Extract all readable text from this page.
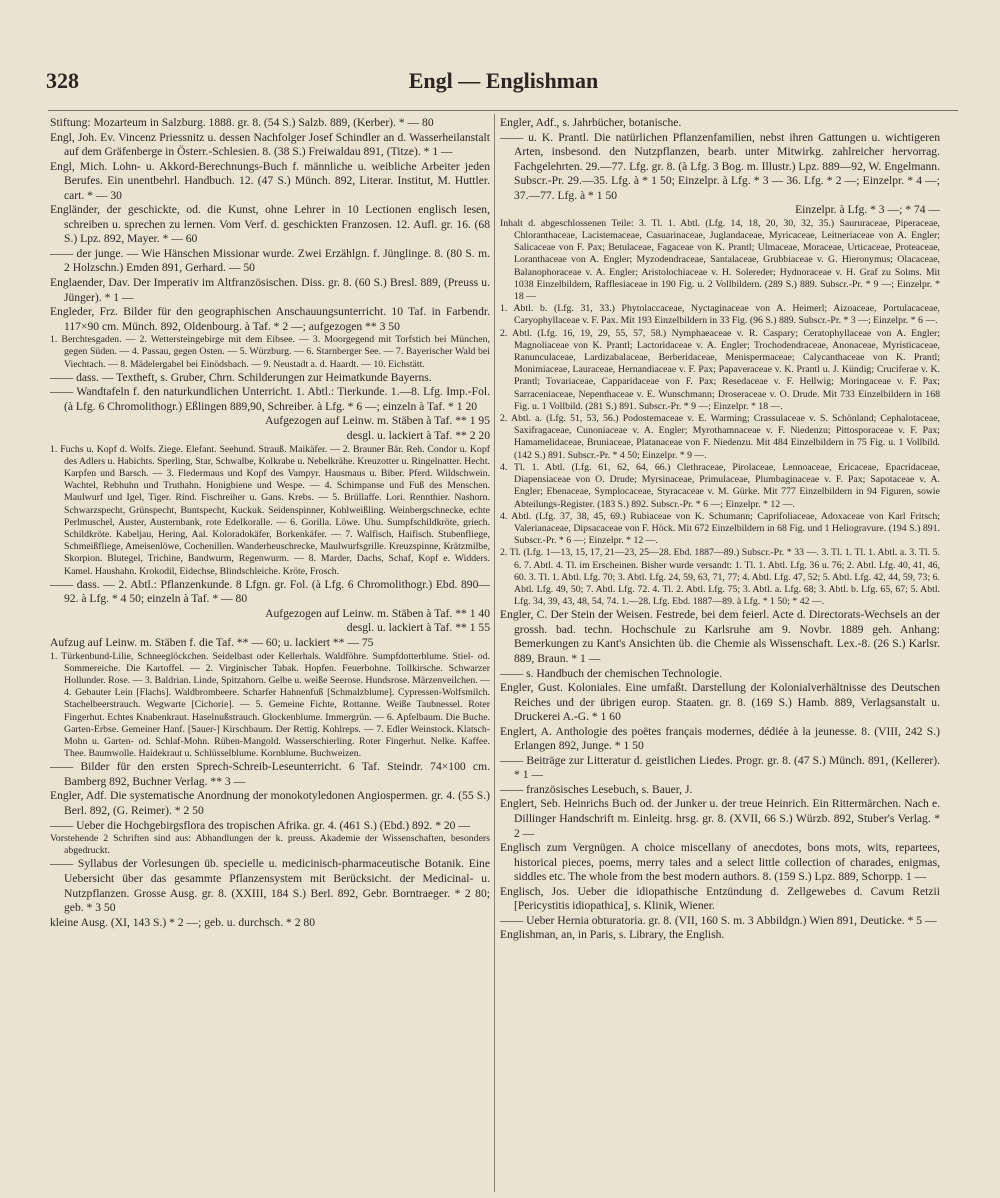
328	Engl — Englishman

Stiftung: Mozarteum in Salzburg. 1888. gr. 8. (54 S.) Salzb. 889, (Kerber). * — 80

Engl, Joh. Ev. Vincenz Priessnitz u. dessen Nachfolger Josef Schindler an d. Wasserheilanstalt auf dem Gräfenberge in Österr.-Schlesien. 8. (38 S.) Freiwaldau 891, (Titze). * 1 —

Engl, Mich. Lohn- u. Akkord-Berechnungs-Buch f. männliche u. weibliche Arbeiter jeden Berufes. Ein unentbehrl. Handbuch. 12. (47 S.) Münch. 892, Literar. Institut, M. Huttler. cart. * — 30

Engländer, der geschickte, od. die Kunst, ohne Lehrer in 10 Lectionen englisch lesen, schreiben u. sprechen zu lernen. Vom Verf. d. geschickten Franzosen. 12. Aufl. gr. 16. (68 S.) Lpz. 892, Mayer. * — 60

—— der junge. — Wie Hänschen Missionar wurde. Zwei Erzählgn. f. Jünglinge. 8. (80 S. m. 2 Holzschn.) Emden 891, Gerhard. — 50

Englaender, Dav. Der Imperativ im Altfranzösischen. Diss. gr. 8. (60 S.) Bresl. 889, (Preuss u. Jünger). * 1 —

Engleder, Frz. Bilder für den geographischen Anschauungsunterricht. 10 Taf. in Farbendr. 117×90 cm. Münch. 892, Oldenbourg. à Taf. * 2 —; aufgezogen ** 3 50

1. Berchtesgaden. — 2. Wettersteingebirge mit dem Eibsee. — 3. Moorgegend mit Torfstich bei München, gegen Süden. — 4. Passau, gegen Osten. — 5. Würzburg. — 6. Starnberger See. — 7. Bayerischer Wald bei Viechtach. — 8. Mädelergabel bei Einödsbach. — 9. Neustadt a. d. Haardt. — 10. Eichstätt.

—— dass. — Textheft, s. Gruber, Chrn. Schilderungen zur Heimatkunde Bayerns.

—— Wandtafeln f. den naturkundlichen Unterricht. 1. Abtl.: Tierkunde. 1.—8. Lfg. Imp.-Fol. (à Lfg. 6 Chromolithogr.) Eßlingen 889,90, Schreiber. à Lfg. * 6 —; einzeln à Taf. * 1 20

Aufgezogen auf Leinw. m. Stäben à Taf. ** 1 95

desgl. u. lackiert à Taf. ** 2 20

1. Fuchs u. Kopf d. Wolfs. Ziege. Elefant. Seehund. Strauß. Maikäfer. — 2. Brauner Bär. Reh. Condor u. Kopf des Adlers u. Habichts. Sperling, Star, Schwalbe, Kolkrabe u. Nebelkrähe. Kreuzotter u. Ringelnatter. Hecht. Karpfen und Barsch. — 3. Fledermaus und Kopf des Vampyr. Hausmaus u. Biber. Pferd. Wildschwein. Wachtel, Rebhuhn und Truthahn. Honigbiene und Wespe. — 4. Schimpanse und Fuß des Menschen. Maulwurf und Igel, Tiger. Rind. Fischreiher u. Gans. Krebs. — 5. Brüllaffe. Lori. Rennthier. Nashorn. Schwarzspecht, Grünspecht, Buntspecht, Kuckuk. Seidenspinner, Kohlweißling. Weinbergschnecke, echte Perlmuschel, Auster, Austernbank, rote Edelkoralle. — 6. Gorilla. Löwe. Uhu. Sumpfschildkröte, griech. Schildkröte. Kabeljau, Hering, Aal. Koloradokäfer, Borkenkäfer. — 7. Walfisch, Haifisch. Stubenfliege, Schmeißfliege, Ameisenlöwe, Cochenillen. Wanderheuschrecke, Maulwurfsgrille. Kreuzspinne, Krätzmilbe, Skorpion. Blutegel, Trichine, Bandwurm, Regenwurm. — 8. Marder, Dachs, Schaf, Kopf e. Widders. Kamel. Haushahn. Krokodil, Eidechse, Blindschleiche. Kröte, Frosch.

—— dass. — 2. Abtl.: Pflanzenkunde. 8 Lfgn. gr. Fol. (à Lfg. 6 Chromolithogr.) Ebd. 890—92. à Lfg. * 4 50; einzeln à Taf. * — 80

Aufgezogen auf Leinw. m. Stäben à Taf. ** 1 40

desgl. u. lackiert à Taf. ** 1 55

Aufzug auf Leinw. m. Stäben f. die Taf. ** — 60; u. lackiert ** — 75

1. Türkenbund-Lilie, Schneeglöckchen. Seidelbast oder Kellerhals. Waldföhre. Sumpfdotterblume. Stiel- od. Sommereiche. Die Kartoffel. — 2. Virginischer Tabak. Hopfen. Feuerbohne. Tollkirsche. Schwarzer Hollunder. Rose. — 3. Baldrian. Linde, Spitzahorn. Gelbe u. weiße Seerose. Hundsrose. Märzenveilchen. — 4. Gebauter Lein [Flachs]. Waldbrombeere. Scharfer Hahnenfuß [Schmalzblume]. Cypressen-Wolfsmilch. Stachelbeerstrauch. Wegwarte [Cichorie]. — 5. Gemeine Fichte, Rottanne. Weiße Taubnessel. Roter Fingerhut. Echtes Knabenkraut. Haselnußstrauch. Glockenblume. Immergrün. — 6. Apfelbaum. Die Buche. Garten-Erbse. Gemeiner Hanf. [Sauer-] Kirschbaum. Der Rettig. Kohlreps. — 7. Edler Weinstock. Klatsch-Mohn u. Garten- od. Schlaf-Mohn. Rüben-Mangold. Wasserschierling. Roter Fingerhut. Nelke. Kaffee. Thee. Baumwolle. Haidekraut u. Schlüsselblume. Kornblume. Buchweizen.

—— Bilder für den ersten Sprech-Schreib-Leseunterricht. 6 Taf. Steindr. 74×100 cm. Bamberg 892, Buchner Verlag. ** 3 —

Engler, Adf. Die systematische Anordnung der monokotyledonen Angiospermen. gr. 4. (55 S.) Berl. 892, (G. Reimer). * 2 50

—— Ueber die Hochgebirgsflora des tropischen Afrika. gr. 4. (461 S.) (Ebd.) 892. * 20 —

Vorstehende 2 Schriften sind aus: Abhandlungen der k. preuss. Akademie der Wissenschaften, besonders abgedruckt.

—— Syllabus der Vorlesungen üb. specielle u. medicinisch-pharmaceutische Botanik. Eine Uebersicht über das gesammte Pflanzensystem mit Berücksicht. der Medicinal- u. Nutzpflanzen. Grosse Ausg. gr. 8. (XXIII, 184 S.) Berl. 892, Gebr. Borntraeger. * 2 80; geb. * 3 50

kleine Ausg. (XI, 143 S.) * 2 —; geb. u. durchsch. * 2 80

Engler, Adf., s. Jahrbücher, botanische.

—— u. K. Prantl. Die natürlichen Pflanzenfamilien, nebst ihren Gattungen u. wichtigeren Arten, insbesond. den Nutzpflanzen, bearb. unter Mitwirkg. zahlreicher hervorrag. Fachgelehrten. 29.—77. Lfg. gr. 8. (à Lfg. 3 Bog. m. Illustr.) Lpz. 889—92, W. Engelmann. Subscr.-Pr. 29.—35. Lfg. à * 1 50; Einzelpr. à Lfg. * 3 — 36. Lfg. * 2 —; Einzelpr. * 4 —; 37.—77. Lfg. à * 1 50

Einzelpr. à Lfg. * 3 —; * 74 —

Inhalt d. abgeschlossenen Teile: 3. Tl. 1. Abtl. (Lfg. 14, 18, 20, 30, 32, 35.) Saururaceae, Piperaceae, Chloranthaceae, Lacistemaceae, Casuarinaceae, Juglandaceae, Myricaceae, Leitneriaceae von A. Engler; Salicaceae von F. Pax; Betulaceae, Fagaceae von K. Prantl; Ulmaceae, Moraceae, Urticaceae, Proteaceae, Loranthaceae von A. Engler; Myzodendraceae, Santalaceae, Grubbiaceae v. G. Hieronymus; Olacaceae, Balanophoraceae v. A. Engler; Aristolochiaceae v. H. Solereder; Hydnoraceae v. H. Graf zu Solms. Mit 1038 Einzelbildern, Rafflesiaceae in 190 Fig. u. 2 Vollbildern. (289 S.) 889. Subscr.-Pr. * 9 —; Einzelpr. * 18 —

1. Abtl. b. (Lfg. 31, 33.) Phytolaccaceae, Nyctaginaceae von A. Heimerl; Aizoaceae, Portulacaceae, Caryophyllaceae v. F. Pax. Mit 193 Einzelbildern in 33 Fig. (96 S.) 889. Subscr.-Pr. * 3 —; Einzelpr. * 6 —.

2. Abtl. (Lfg. 16, 19, 29, 55, 57, 58.) Nymphaeaceae v. R. Caspary; Ceratophyllaceae von A. Engler; Magnoliaceae von K. Prantl; Lactoridaceae v. A. Engler; Trochodendraceae, Anonaceae, Myristicaceae, Ranunculaceae, Lardizabalaceae, Berberidaceae, Menispermaceae; Calycanthaceae von K. Prantl; Monimiaceae, Lauraceae, Hernandiaceae v. F. Pax; Papaveraceae v. K. Prantl u. J. Kündig; Cruciferae v. K. Prantl; Tovariaceae, Capparidaceae von F. Pax; Resedaceae v. F. Hellwig; Moringaceae v. F. Pax; Sarraceniaceae, Nepenthaceae v. E. Wunschmann; Droseraceae v. O. Drude. Mit 733 Einzelbildern in 168 Fig. u. 1 Vollbild. (281 S.) 891. Subscr.-Pr. * 9 —; Einzelpr. * 18 —.

2. Abtl. a. (Lfg. 51, 53, 56.) Podostemaceae v. E. Warming; Crassulaceae v. S. Schönland; Cephalotaceae, Saxifragaceae, Cunoniaceae v. A. Engler; Myrothamnaceae v. F. Niedenzu; Pittosporaceae v. F. Pax; Hamamelidaceae, Bruniaceae, Platanaceae von F. Niedenzu. Mit 484 Einzelbildern in 75 Fig. u. 1 Vollbild. (142 S.) 891. Subscr.-Pr. * 4 50; Einzelpr. * 9 —.

4. Tl. 1. Abtl. (Lfg. 61, 62, 64, 66.) Clethraceae, Pirolaceae, Lennoaceae, Ericaceae, Epacridaceae, Diapensiaceae von O. Drude; Myrsinaceae, Primulaceae, Plumbaginaceae v. F. Pax; Sapotaceae v. A. Engler; Ebenaceae, Symplocaceae, Styracaceae v. M. Gürke. Mit 777 Einzelbildern in 94 Figuren, sowie Abteilungs-Register. (183 S.) 892. Subscr.-Pr. * 6 —; Einzelpr. * 12 —.

4. Abtl. (Lfg. 37, 38, 45, 69.) Rubiaceae von K. Schumann; Caprifoliaceae, Adoxaceae von Karl Fritsch; Valerianaceae, Dipsacaceae von F. Höck. Mit 672 Einzelbildern in 68 Fig. und 1 Heliogravure. (194 S.) 891. Subscr.-Pr. * 6 —; Einzelpr. * 12 —.

2. Tl. (Lfg. 1—13, 15, 17, 21—23, 25—28. Ebd. 1887—89.) Subscr.-Pr. * 33 —. 3. Tl. 1. Tl. 1. Abtl. a. 3. Tl. 5. 6. 7. Abtl. 4. Tl. im Erscheinen. Bisher wurde versandt: 1. Tl. 1. Abtl. Lfg. 36 u. 76; 2. Abtl. Lfg. 40, 41, 46, 60. 3. Tl. 1. Abtl. Lfg. 70; 3. Abtl. Lfg. 24, 59, 63, 71, 77; 4. Abtl. Lfg. 47, 52; 5. Abtl. Lfg. 42, 44, 59, 73; 6. Abtl. Lfg. 49, 50; 7. Abtl. Lfg. 72. 4. Tl. 2. Abtl. Lfg. 75; 3. Abtl. a. Lfg. 68; 3. Abtl. b. Lfg. 65, 67; 5. Abtl. Lfg. 34, 39, 43, 48, 54, 74. 1.—28. Lfg. Ebd. 1887—89. à Lfg. * 1 50; * 42 —.

Engler, C. Der Stein der Weisen. Festrede, bei dem feierl. Acte d. Directorats-Wechsels an der grossh. bad. techn. Hochschule zu Karlsruhe am 9. Novbr. 1889 geh. Anhang: Bemerkungen zu Kant's Ansichten üb. die Chemie als Wissenschaft. Lex.-8. (26 S.) Karlsr. 889, Braun. * 1 —

—— s. Handbuch der chemischen Technologie.

Engler, Gust. Koloniales. Eine umfaßt. Darstellung der Kolonialverhältnisse des Deutschen Reiches und der übrigen europ. Staaten. gr. 8. (169 S.) Hamb. 889, Verlagsanstalt u. Druckerei A.-G. * 1 60

Englert, A. Anthologie des poëtes français modernes, dédiée à la jeunesse. 8. (VIII, 242 S.) Erlangen 892, Junge. * 1 50

—— Beiträge zur Litteratur d. geistlichen Liedes. Progr. gr. 8. (47 S.) Münch. 891, (Kellerer). * 1 —

—— französisches Lesebuch, s. Bauer, J.

Englert, Seb. Heinrichs Buch od. der Junker u. der treue Heinrich. Ein Rittermärchen. Nach e. Dillinger Handschrift m. Einleitg. hrsg. gr. 8. (XVII, 66 S.) Würzb. 892, Stuber's Verlag. * 2 —

Englisch zum Vergnügen. A choice miscellany of anecdotes, bons mots, wits, repartees, historical pieces, poems, merry tales and a select little collection of charades, enigmas, siddles etc. The whole from the best modern authors. 8. (159 S.) Lpz. 889, Schorpp. 1 —

Englisch, Jos. Ueber die idiopathische Entzündung d. Zellgewebes d. Cavum Retzii [Pericystitis idiopathica], s. Klinik, Wiener.

—— Ueber Hernia obturatoria. gr. 8. (VII, 160 S. m. 3 Abbildgn.) Wien 891, Deuticke. * 5 —

Englishman, an, in Paris, s. Library, the English.
